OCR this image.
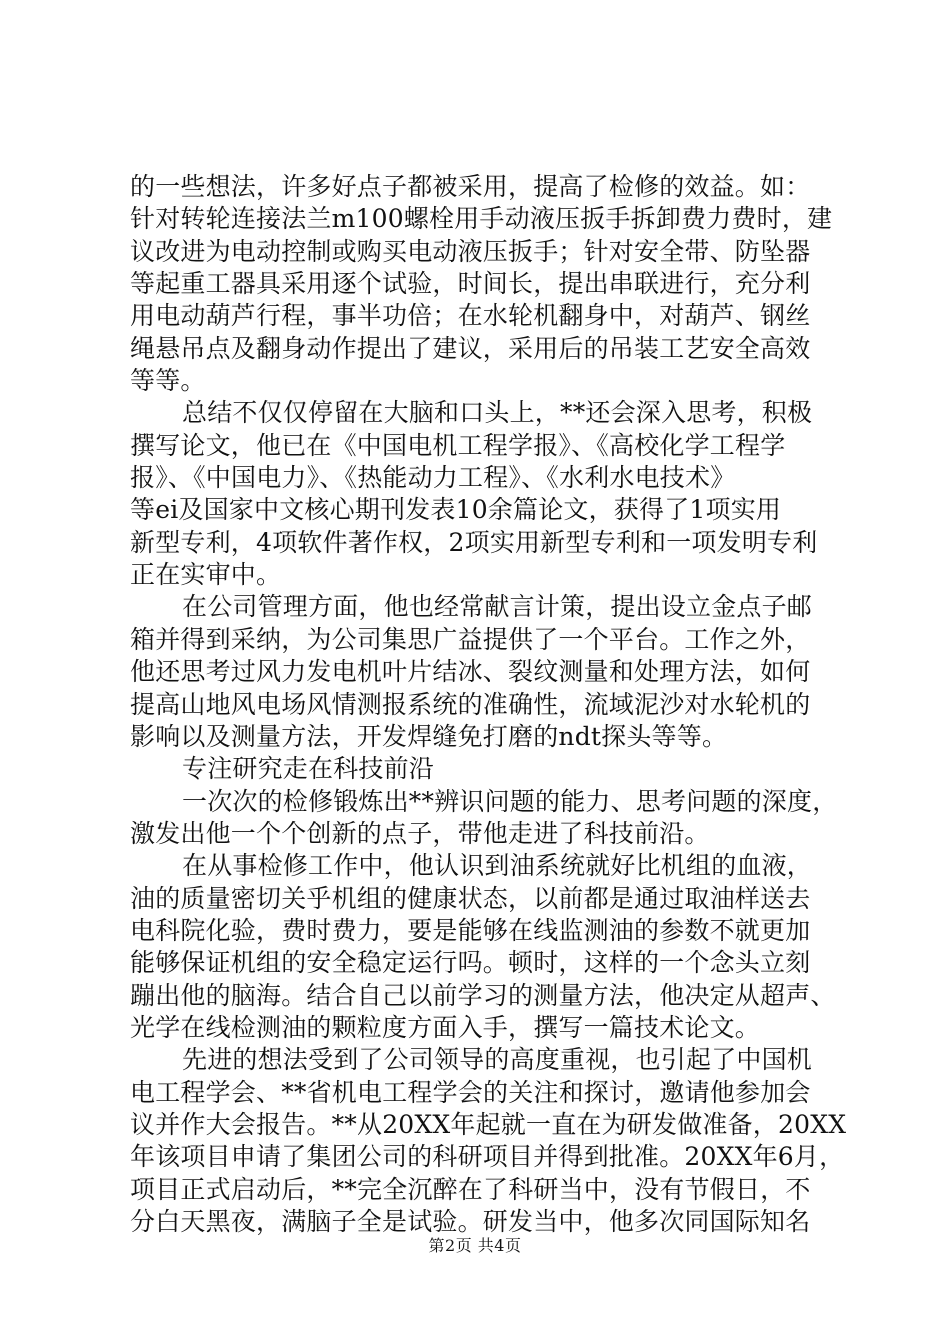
的一些想法，许多好点子都被采用，提高了检修的效益。如：
针对转轮连接法兰m100螺栓用手动液压扳手拆卸费力费时，建
议改进为电动控制或购买电动液压扳手；针对安全带、防坠器
等起重工器具采用逐个试验，时间长，提出串联进行，充分利
用电动葫芦行程，事半功倍；在水轮机翻身中，对葫芦、钢丝
绳悬吊点及翻身动作提出了建议，采用后的吊装工艺安全高效
等等。
总结不仅仅停留在大脑和口头上，**还会深入思考，积极
撰写论文，他已在《中国电机工程学报》、《高校化学工程学
报》、《中国电力》、《热能动力工程》、《水利水电技术》
等ei及国家中文核心期刊发表10余篇论文，获得了1项实用
新型专利，4项软件著作权，2项实用新型专利和一项发明专利
正在实审中。
在公司管理方面，他也经常献言计策，提出设立金点子邮
箱并得到采纳，为公司集思广益提供了一个平台。工作之外，
他还思考过风力发电机叶片结冰、裂纹测量和处理方法，如何
提高山地风电场风情测报系统的准确性，流域泥沙对水轮机的
影响以及测量方法，开发焊缝免打磨的ndt探头等等。
专注研究走在科技前沿
一次次的检修锻炼出**辨识问题的能力、思考问题的深度，
激发出他一个个创新的点子，带他走进了科技前沿。
在从事检修工作中，他认识到油系统就好比机组的血液，
油的质量密切关乎机组的健康状态，以前都是通过取油样送去
电科院化验，费时费力，要是能够在线监测油的参数不就更加
能够保证机组的安全稳定运行吗。顿时，这样的一个念头立刻
蹦出他的脑海。结合自己以前学习的测量方法，他决定从超声、
光学在线检测油的颗粒度方面入手，撰写一篇技术论文。
先进的想法受到了公司领导的高度重视，也引起了中国机
电工程学会、**省机电工程学会的关注和探讨，邀请他参加会
议并作大会报告。**从20XX年起就一直在为研发做准备，20XX
年该项目申请了集团公司的科研项目并得到批准。20XX年6月，
项目正式启动后，**完全沉醉在了科研当中，没有节假日，不
分白天黑夜，满脑子全是试验。研发当中，他多次同国际知名
第2页 共4页
